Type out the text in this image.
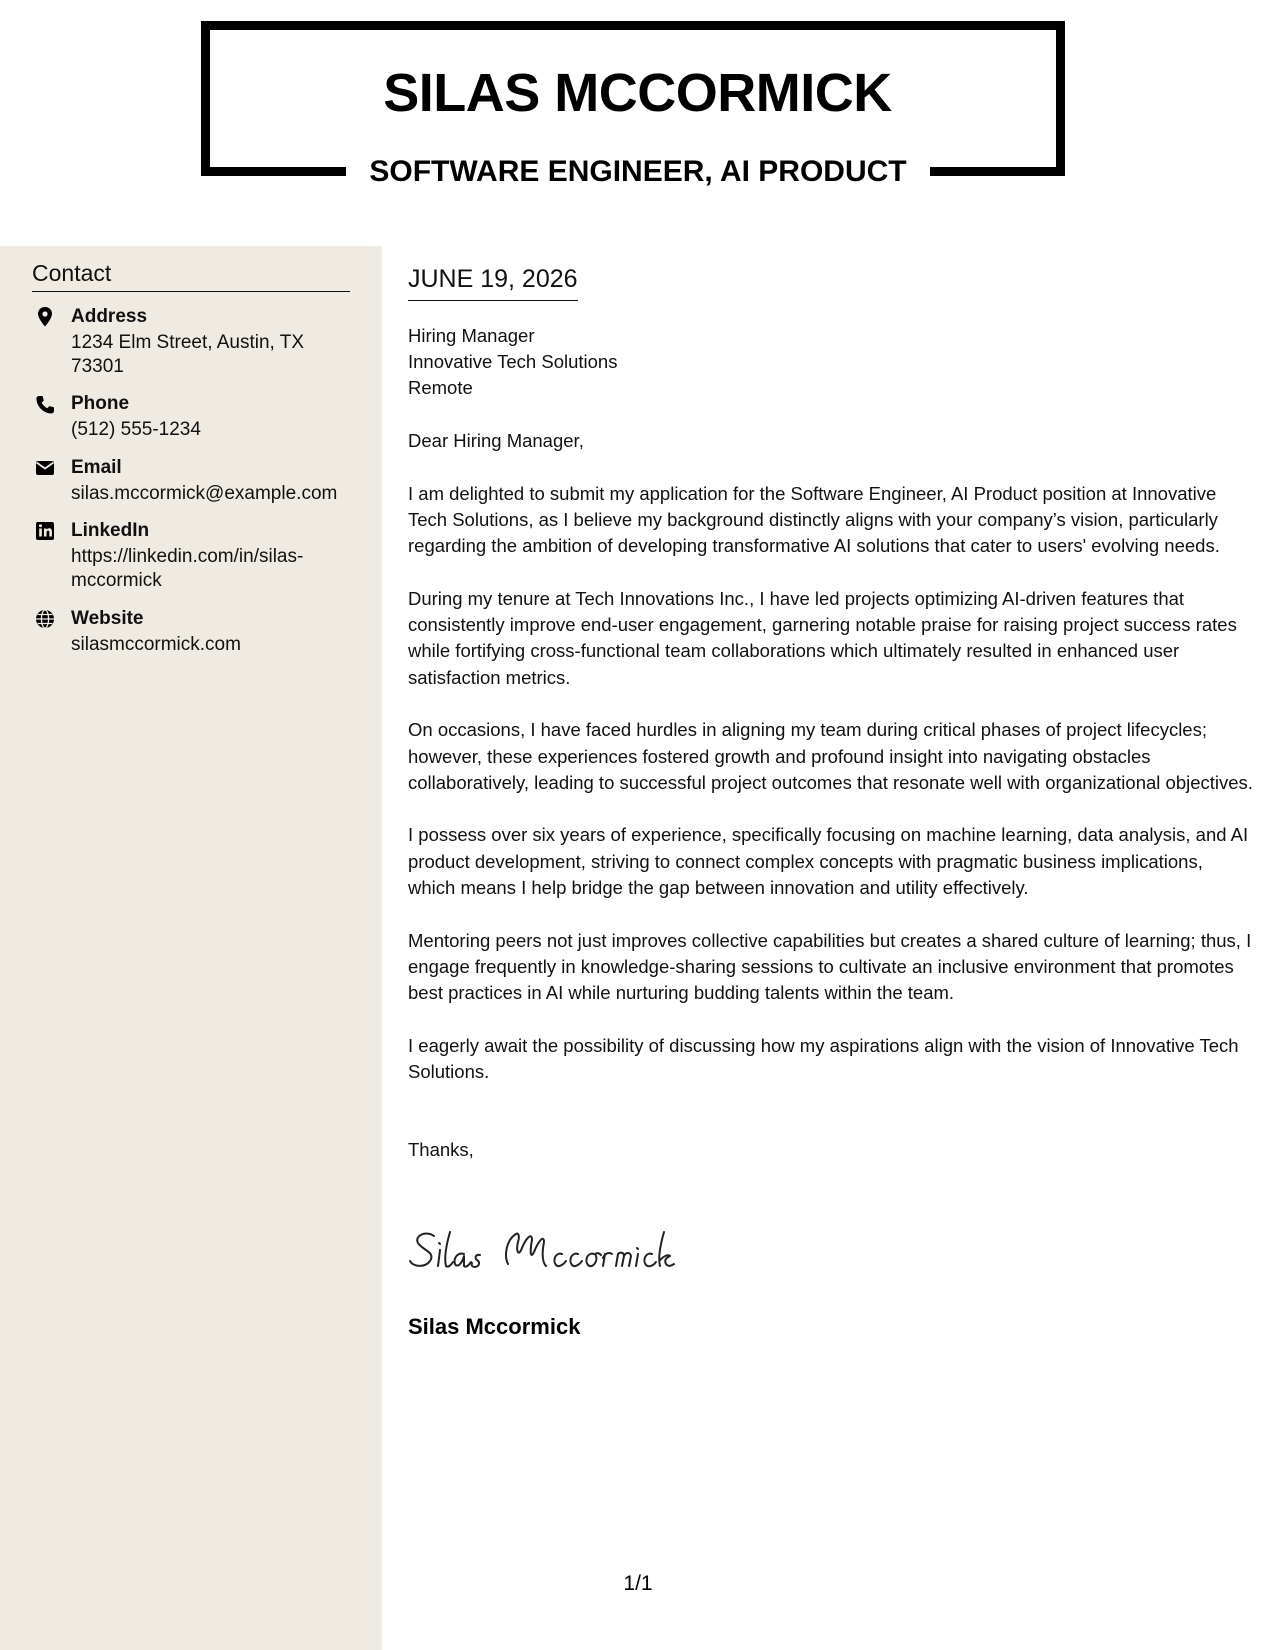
SILAS MCCORMICK
SOFTWARE ENGINEER, AI PRODUCT
Contact
Address
1234 Elm Street, Austin, TX 73301
Phone
(512) 555-1234
Email
silas.mccormick@example.com
LinkedIn
https://linkedin.com/in/silas-mccormick
Website
silasmccormick.com
JUNE 19, 2026
Hiring Manager
Innovative Tech Solutions
Remote

Dear Hiring Manager,

I am delighted to submit my application for the Software Engineer, AI Product position at Innovative Tech Solutions, as I believe my background distinctly aligns with your company’s vision, particularly regarding the ambition of developing transformative AI solutions that cater to users' evolving needs.

During my tenure at Tech Innovations Inc., I have led projects optimizing AI-driven features that consistently improve end-user engagement, garnering notable praise for raising project success rates while fortifying cross-functional team collaborations which ultimately resulted in enhanced user satisfaction metrics.

On occasions, I have faced hurdles in aligning my team during critical phases of project lifecycles; however, these experiences fostered growth and profound insight into navigating obstacles collaboratively, leading to successful project outcomes that resonate well with organizational objectives.

I possess over six years of experience, specifically focusing on machine learning, data analysis, and AI product development, striving to connect complex concepts with pragmatic business implications, which means I help bridge the gap between innovation and utility effectively.

Mentoring peers not just improves collective capabilities but creates a shared culture of learning; thus, I engage frequently in knowledge-sharing sessions to cultivate an inclusive environment that promotes best practices in AI while nurturing budding talents within the team.

I eagerly await the possibility of discussing how my aspirations align with the vision of Innovative Tech Solutions.

Thanks,

Silas Mccormick
1/1
